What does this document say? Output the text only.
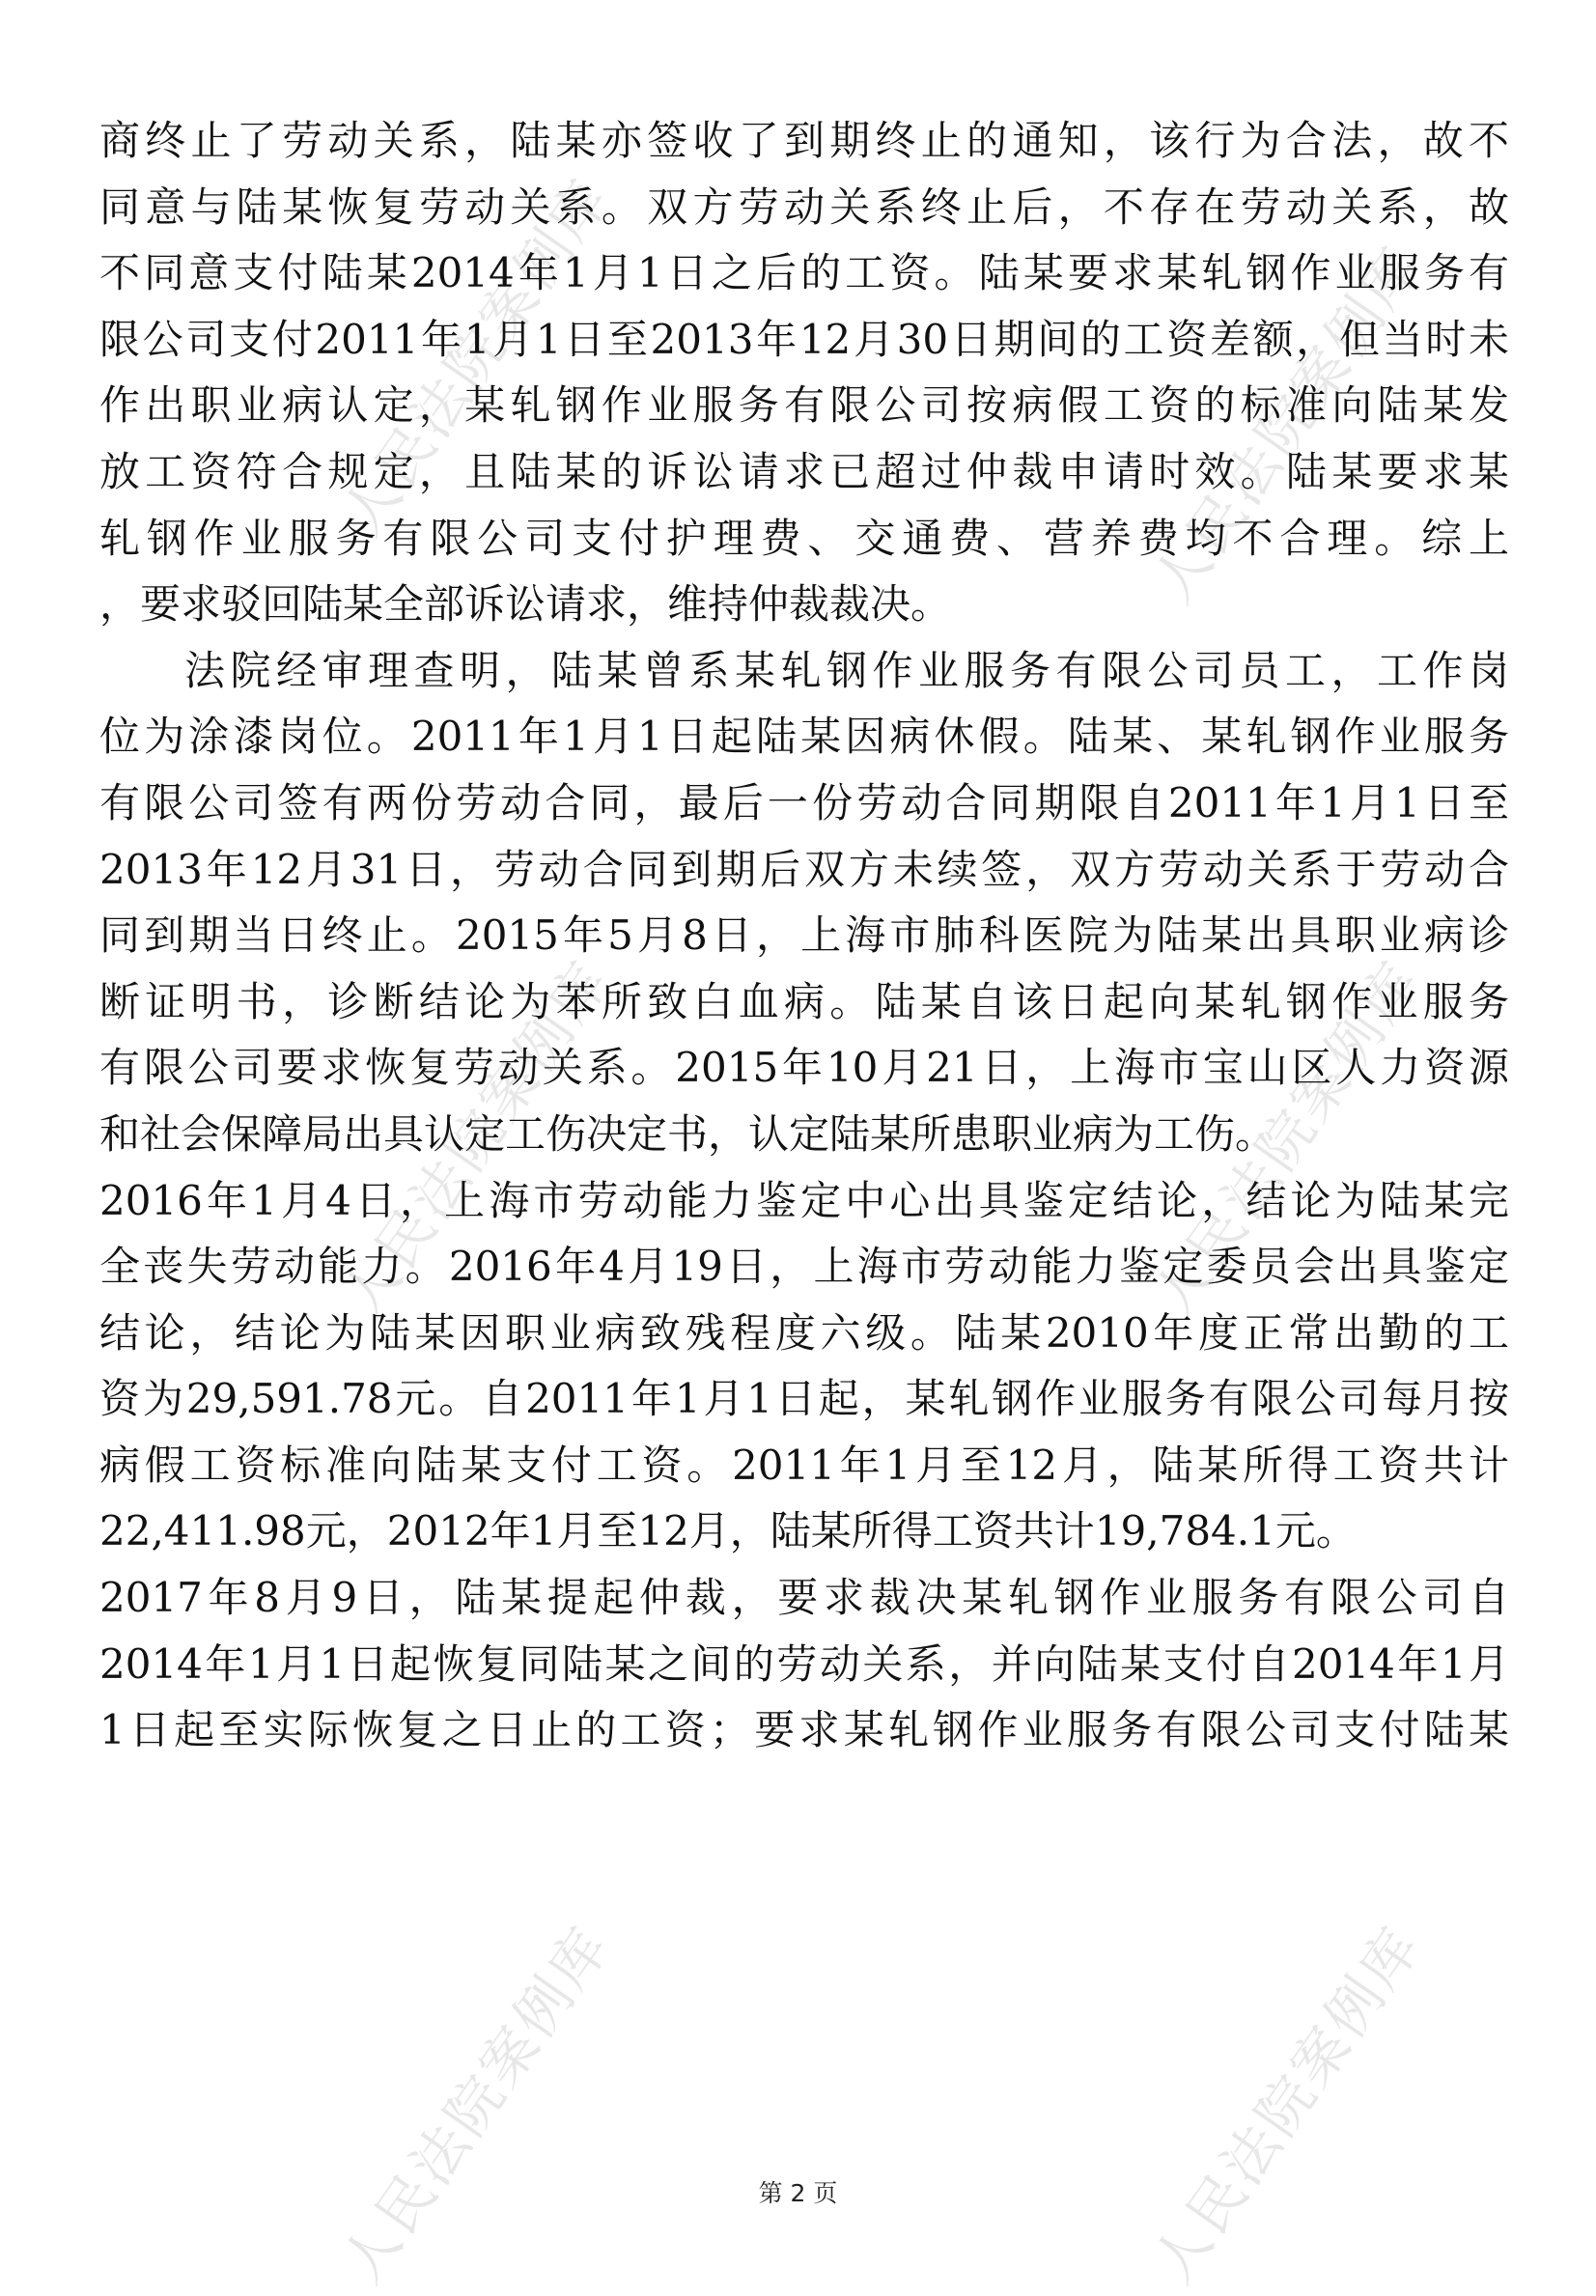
人民法院案例库	人民法院案例库
人民法院案例库	人民法院案例库
人民法院案例库	人民法院案例库
商终止了劳动关系，陆某亦签收了到期终止的通知，该行为合法，故不
同意与陆某恢复劳动关系。双方劳动关系终止后，不存在劳动关系，故
不同意支付陆某2014年1月1日之后的工资。陆某要求某轧钢作业服务有
限公司支付2011年1月1日至2013年12月30日期间的工资差额，但当时未
作出职业病认定，某轧钢作业服务有限公司按病假工资的标准向陆某发
放工资符合规定，且陆某的诉讼请求已超过仲裁申请时效。陆某要求某
轧钢作业服务有限公司支付护理费、交通费、营养费均不合理。综上
，要求驳回陆某全部诉讼请求，维持仲裁裁决。
法院经审理查明，陆某曾系某轧钢作业服务有限公司员工，工作岗
位为涂漆岗位。2011年1月1日起陆某因病休假。陆某、某轧钢作业服务
有限公司签有两份劳动合同，最后一份劳动合同期限自2011年1月1日至
2013年12月31日，劳动合同到期后双方未续签，双方劳动关系于劳动合
同到期当日终止。2015年5月8日，上海市肺科医院为陆某出具职业病诊
断证明书，诊断结论为苯所致白血病。陆某自该日起向某轧钢作业服务
有限公司要求恢复劳动关系。2015年10月21日，上海市宝山区人力资源
和社会保障局出具认定工伤决定书，认定陆某所患职业病为工伤。
2016年1月4日，上海市劳动能力鉴定中心出具鉴定结论，结论为陆某完
全丧失劳动能力。2016年4月19日，上海市劳动能力鉴定委员会出具鉴定
结论，结论为陆某因职业病致残程度六级。陆某2010年度正常出勤的工
资为29,591.78元。自2011年1月1日起，某轧钢作业服务有限公司每月按
病假工资标准向陆某支付工资。2011年1月至12月，陆某所得工资共计
22,411.98元，2012年1月至12月，陆某所得工资共计19,784.1元。
2017年8月9日，陆某提起仲裁，要求裁决某轧钢作业服务有限公司自
2014年1月1日起恢复同陆某之间的劳动关系，并向陆某支付自2014年1月
1日起至实际恢复之日止的工资；要求某轧钢作业服务有限公司支付陆某
第 2 页
